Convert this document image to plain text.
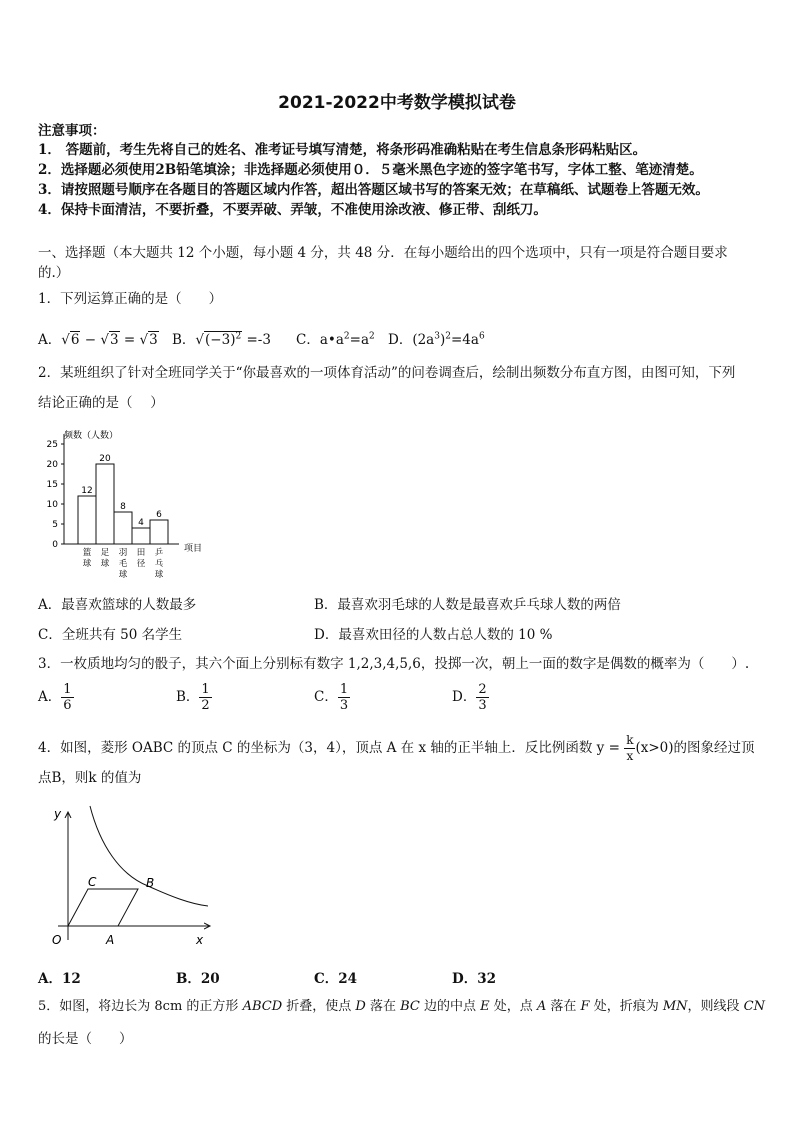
2021-2022中考数学模拟试卷
注意事项：
1． 答题前，考生先将自己的姓名、准考证号填写清楚，将条形码准确粘贴在考生信息条形码粘贴区。
2．选择题必须使用2B铅笔填涂；非选择题必须使用０．５毫米黑色字迹的签字笔书写，字体工整、笔迹清楚。
3．请按照题号顺序在各题目的答题区域内作答，超出答题区域书写的答案无效；在草稿纸、试题卷上答题无效。
4．保持卡面清洁，不要折叠，不要弄破、弄皱，不准使用涂改液、修正带、刮纸刀。
一、选择题（本大题共 12 个小题，每小题 4 分，共 48 分．在每小题给出的四个选项中，只有一项是符合题目要求
的.）
1．下列运算正确的是（　　）
A．√6 − √3 = √3 B．$√(-3)^2 =-3$ C．$a•a^2=a^2$ D．$(2a^3)^2=4a^6$
2．某班组织了针对全班同学关于“你最喜欢的一项体育活动”的问卷调查后，绘制出频数分布直方图，由图可知，下列
结论正确的是（　 ）
0
5
10
15
20
25
12
20
8
4
6
篮球
足球
羽毛球
田径
乒乓球
频数（人数）
项目
A．最喜欢篮球的人数最多	B．最喜欢羽毛球的人数是最喜欢乒乓球人数的两倍
C．全班共有 50 名学生	D．最喜欢田径的人数占总人数的 10 %
3．一枚质地均匀的骰子，其六个面上分别标有数字 1,2,3,4,5,6，投掷一次，朝上一面的数字是偶数的概率为（　　）.
A． $\frac{1}{6}$	B． $\frac{1}{2}$	C． $\frac{1}{3}$	D． $\frac{2}{3}$
4．如图，菱形 OABC 的顶点 C 的坐标为（3，4），顶点 A 在 x 轴的正半轴上．反比例函数 $y = \frac{k}{x} (x>0)$的图象经过顶
点B，则k 的值为
y
x
O	A
B
C
A．12	B．20	C．24	D．32
5．如图，将边长为 8cm 的正方形 ABCD 折叠，使点 D 落在 BC 边的中点 E 处，点 A 落在 F 处，折痕为 MN，则线段 CN
的长是（　　）
